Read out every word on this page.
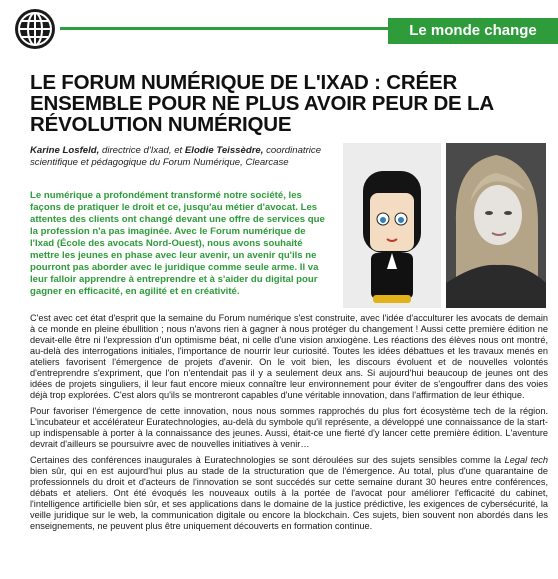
Le monde change
LE FORUM NUMÉRIQUE DE L'IXAD : CRÉER ENSEMBLE POUR NE PLUS AVOIR PEUR DE LA RÉVOLUTION NUMÉRIQUE
Karine Losfeld, directrice d'Ixad, et Elodie Teissèdre, coordinatrice scientifique et pédagogique du Forum Numérique, Clearcase

Le numérique a profondément transformé notre société, les façons de pratiquer le droit et ce, jusqu'au métier d'avocat. Les attentes des clients ont changé devant une offre de services que la profession n'a pas imaginée. Avec le Forum numérique de l'Ixad (École des avocats Nord-Ouest), nous avons souhaité mettre les jeunes en phase avec leur avenir, un avenir qu'ils ne pourront pas aborder avec le juridique comme seule arme. Il va leur falloir apprendre à entreprendre et à s'aider du digital pour gagner en efficacité, en agilité et en créativité.

C'est avec cet état d'esprit que la semaine du Forum numérique s'est construite, avec l'idée d'acculturer les avocats de demain à ce monde en pleine ébullition ; nous n'avons rien à gagner à nous protéger du changement ! Aussi cette première édition ne devait-elle être ni l'expression d'un optimisme béat, ni celle d'une vision anxiogène. Les réactions des élèves nous ont montré, au-delà des interrogations initiales, l'importance de nourrir leur curiosité. Toutes les idées débattues et les travaux menés en ateliers favorisent l'émergence de projets d'avenir. On le voit bien, les discours évoluent et de nouvelles volontés d'entreprendre s'expriment, que l'on n'entendait pas il y a seulement deux ans. Si aujourd'hui beaucoup de jeunes ont des idées de projets singuliers, il leur faut encore mieux connaître leur environnement pour éviter de s'engouffrer dans des voies déjà trop explorées. C'est alors qu'ils se montreront capables d'une véritable innovation, dans l'affirmation de leur éthique.

Pour favoriser l'émergence de cette innovation, nous nous sommes rapprochés du plus fort écosystème tech de la région. L'incubateur et accélérateur Euratechnologies, au-delà du symbole qu'il représente, a développé une connaissance de la start-up indispensable à porter à la connaissance des jeunes. Aussi, était-ce une fierté d'y lancer cette première édition. L'aventure devrait d'ailleurs se poursuivre avec de nouvelles initiatives à venir…

Certaines des conférences inaugurales à Euratechnologies se sont déroulées sur des sujets sensibles comme la Legal tech bien sûr, qui en est aujourd'hui plus au stade de la structuration que de l'émergence. Au total, plus d'une quarantaine de professionnels du droit et d'acteurs de l'innovation se sont succédés sur cette semaine durant 30 heures entre conférences, débats et ateliers. Ont été évoqués les nouveaux outils à la portée de l'avocat pour améliorer l'efficacité du cabinet, l'intelligence artificielle bien sûr, et ses applications dans le domaine de la justice prédictive, les exigences de cybersécurité, la veille juridique sur le web, la communication digitale ou encore la blockchain. Ces sujets, bien souvent non abordés dans les enseignements, ne peuvent plus être uniquement découverts en formation continue.
